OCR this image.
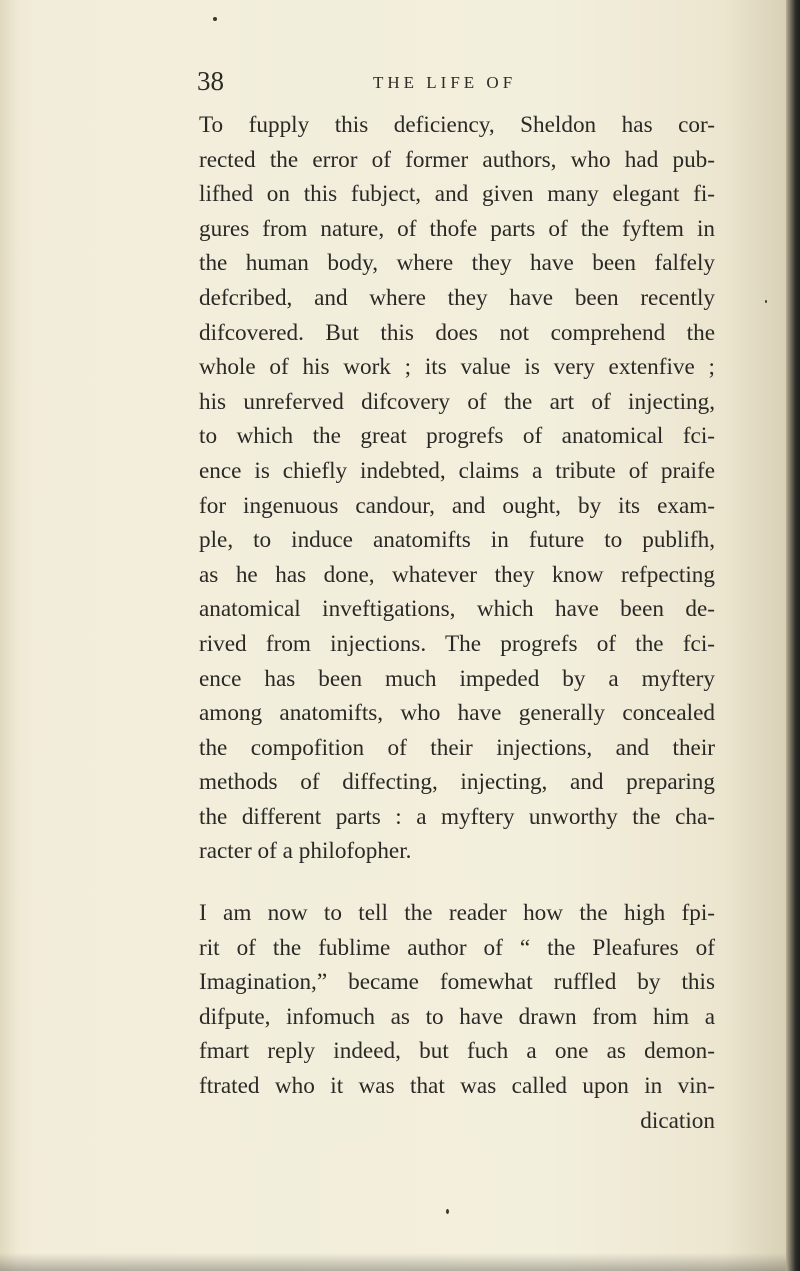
38	THE LIFE OF
To fupply this deficiency, Sheldon has cor-
rected the error of former authors, who had pub-
lifhed on this fubject, and given many elegant fi-
gures from nature, of thofe parts of the fyftem in
the human body, where they have been falfely
defcribed, and where they have been recently
difcovered. But this does not comprehend the
whole of his work ; its value is very extenfive ;
his unreferved difcovery of the art of injecting,
to which the great progrefs of anatomical fci-
ence is chiefly indebted, claims a tribute of praife
for ingenuous candour, and ought, by its exam-
ple, to induce anatomifts in future to publifh,
as he has done, whatever they know refpecting
anatomical inveftigations, which have been de-
rived from injections. The progrefs of the fci-
ence has been much impeded by a myftery
among anatomifts, who have generally concealed
the compofition of their injections, and their
methods of diffecting, injecting, and preparing
the different parts : a myftery unworthy the cha-
racter of a philofopher.
I am now to tell the reader how the high fpi-
rit of the fublime author of “ the Pleafures of
Imagination,” became fomewhat ruffled by this
difpute, infomuch as to have drawn from him a
fmart reply indeed, but fuch a one as demon-
ftrated who it was that was called upon in vin-
dication
